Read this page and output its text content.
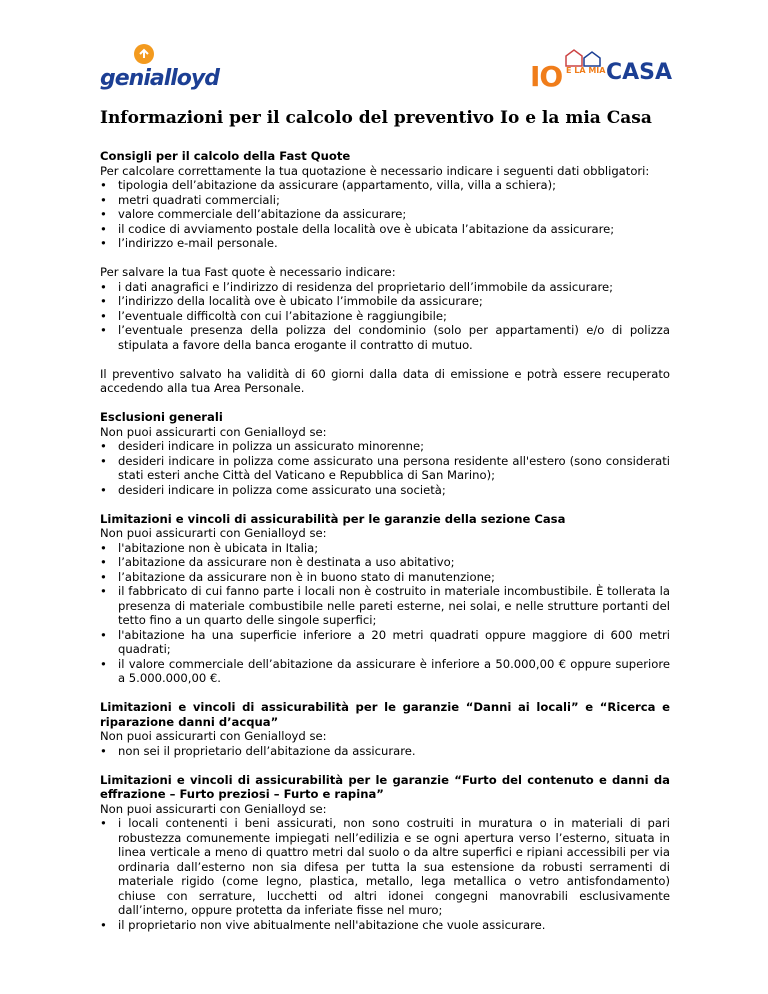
genialloyd	IO E LA MIA CASA
Informazioni per il calcolo del preventivo Io e la mia Casa

Consigli per il calcolo della Fast Quote

Per calcolare correttamente la tua quotazione è necessario indicare i seguenti dati obbligatori:

• tipologia dell’abitazione da assicurare (appartamento, villa, villa a schiera);
• metri quadrati commerciali;
• valore commerciale dell’abitazione da assicurare;
• il codice di avviamento postale della località ove è ubicata l’abitazione da assicurare;
• l’indirizzo e-mail personale.

Per salvare la tua Fast quote è necessario indicare:

• i dati anagrafici e l’indirizzo di residenza del proprietario dell’immobile da assicurare;
• l’indirizzo della località ove è ubicato l’immobile da assicurare;
• l’eventuale difficoltà con cui l’abitazione è raggiungibile;
• l’eventuale presenza della polizza del condominio (solo per appartamenti) e/o di polizza stipulata a favore della banca erogante il contratto di mutuo.

Il preventivo salvato ha validità di 60 giorni dalla data di emissione e potrà essere recuperato accedendo alla tua Area Personale.

Esclusioni generali

Non puoi assicurarti con Genialloyd se:

• desideri indicare in polizza un assicurato minorenne;
• desideri indicare in polizza come assicurato una persona residente all'estero (sono considerati stati esteri anche Città del Vaticano e Repubblica di San Marino);
• desideri indicare in polizza come assicurato una società;

Limitazioni e vincoli di assicurabilità per le garanzie della sezione Casa

Non puoi assicurarti con Genialloyd se:

• l'abitazione non è ubicata in Italia;
• l’abitazione da assicurare non è destinata a uso abitativo;
• l’abitazione da assicurare non è in buono stato di manutenzione;
• il fabbricato di cui fanno parte i locali non è costruito in materiale incombustibile. È tollerata la presenza di materiale combustibile nelle pareti esterne, nei solai, e nelle strutture portanti del tetto fino a un quarto delle singole superfici;
• l'abitazione ha una superficie inferiore a 20 metri quadrati oppure maggiore di 600 metri quadrati;
• il valore commerciale dell’abitazione da assicurare è inferiore a 50.000,00 € oppure superiore a 5.000.000,00 €.

Limitazioni e vincoli di assicurabilità per le garanzie “Danni ai locali” e “Ricerca e riparazione danni d’acqua”

Non puoi assicurarti con Genialloyd se:

• non sei il proprietario dell’abitazione da assicurare.

Limitazioni e vincoli di assicurabilità per le garanzie “Furto del contenuto e danni da effrazione – Furto preziosi – Furto e rapina”

Non puoi assicurarti con Genialloyd se:

• i locali contenenti i beni assicurati, non sono costruiti in muratura o in materiali di pari robustezza comunemente impiegati nell’edilizia e se ogni apertura verso l’esterno, situata in linea verticale a meno di quattro metri dal suolo o da altre superfici e ripiani accessibili per via ordinaria dall’esterno non sia difesa per tutta la sua estensione da robusti serramenti di materiale rigido (come legno, plastica, metallo, lega metallica o vetro antisfondamento) chiuse con serrature, lucchetti od altri idonei congegni manovrabili esclusivamente dall’interno, oppure protetta da inferiate fisse nel muro;
• il proprietario non vive abitualmente nell'abitazione che vuole assicurare.
